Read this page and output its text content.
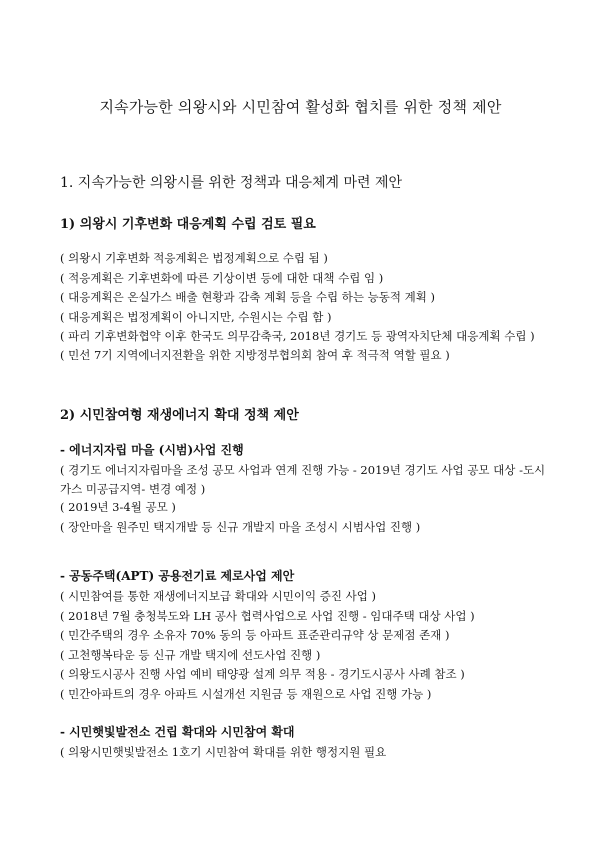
지속가능한 의왕시와 시민참여 활성화 협치를 위한 정책 제안
1. 지속가능한 의왕시를 위한 정책과 대응체계 마련 제안
1) 의왕시 기후변화 대응계획 수립 검토 필요
( 의왕시 기후변화 적응계획은 법정계획으로 수립 됨 )
( 적응계획은 기후변화에 따른 기상이변 등에 대한 대책 수립 임 )
( 대응계획은 온실가스 배출 현황과 감축 계획 등을 수립 하는 능동적 계획 )
( 대응계획은 법정계획이 아니지만, 수원시는 수립 함 )
( 파리 기후변화협약 이후 한국도 의무감축국, 2018년 경기도 등 광역자치단체 대응계획 수립 )
( 민선 7기 지역에너지전환을 위한 지방정부협의회 참여 후 적극적 역할 필요 )
2) 시민참여형 재생에너지 확대 정책 제안
- 에너지자립 마을 (시범)사업 진행
( 경기도 에너지자립마을 조성 공모 사업과 연계 진행 가능 - 2019년 경기도 사업 공모 대상 -도시가스 미공급지역- 변경 예정 )
( 2019년 3-4월 공모 )
( 장안마을 원주민 택지개발 등 신규 개발지 마을 조성시 시범사업 진행 )
- 공동주택(APT) 공용전기료 제로사업 제안
( 시민참여를 통한 재생에너지보급 확대와 시민이익 증진 사업 )
( 2018년 7월 충청북도와 LH 공사 협력사업으로 사업 진행 - 임대주택 대상 사업 )
( 민간주택의 경우 소유자 70% 동의 등 아파트 표준관리규약 상 문제점 존재 )
( 고천행복타운 등 신규 개발 택지에 선도사업 진행 )
( 의왕도시공사 진행 사업 예비 태양광 설계 의무 적용 - 경기도시공사 사례 참조 )
( 민간아파트의 경우 아파트 시설개선 지원금 등 재원으로 사업 진행 가능 )
- 시민햇빛발전소 건립 확대와 시민참여 확대
( 의왕시민햇빛발전소 1호기 시민참여 확대를 위한 행정지원 필요
